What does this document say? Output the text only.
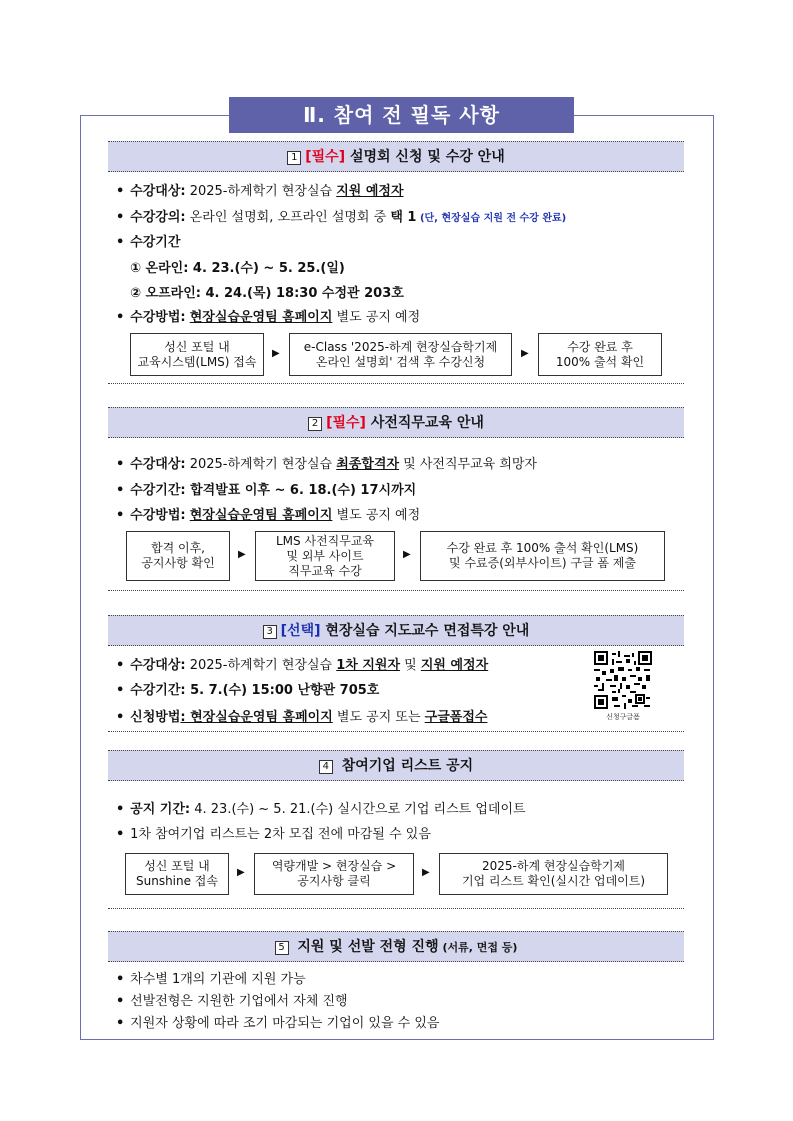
Ⅱ. 참여 전 필독 사항
1 [필수] 설명회 신청 및 수강 안내
• 수강대상: 2025-하계학기 현장실습 지원 예정자
• 수강강의: 온라인 설명회, 오프라인 설명회 중 택 1 (단, 현장실습 지원 전 수강 완료)
• 수강기간
① 온라인: 4. 23.(수) ~ 5. 25.(일)
② 오프라인: 4. 24.(목) 18:30 수정관 203호
• 수강방법: 현장실습운영팀 홈페이지 별도 공지 예정
성신 포털 내
교육시스템(LMS) 접속
▶ e-Class '2025-하계 현장실습학기제
온라인 설명회' 검색 후 수강신청
▶	수강 완료 후
100% 출석 확인
2 [필수] 사전직무교육 안내
• 수강대상: 2025-하계학기 현장실습 최종합격자 및 사전직무교육 희망자
• 수강기간: 합격발표 이후 ~ 6. 18.(수) 17시까지
• 수강방법: 현장실습운영팀 홈페이지 별도 공지 예정
합격 이후,
공지사항 확인
▶
LMS 사전직무교육
및 외부 사이트
직무교육 수강
▶	수강 완료 후 100% 출석 확인(LMS)
및 수료증(외부사이트) 구글 폼 제출
3 [선택] 현장실습 지도교수 면접특강 안내
• 수강대상: 2025-하계학기 현장실습 1차 지원자 및 지원 예정자
• 수강기간: 5. 7.(수) 15:00 난향관 705호
• 신청방법: 현장실습운영팀 홈페이지 별도 공지 또는 구글폼접수	신청구글폼
4 참여기업 리스트 공지
• 공지 기간: 4. 23.(수) ~ 5. 21.(수) 실시간으로 기업 리스트 업데이트
• 1차 참여기업 리스트는 2차 모집 전에 마감될 수 있음
성신 포털 내
Sunshine 접속
▶ 역량개발 > 현장실습 >
공지사항 클릭
▶	2025-하계 현장실습학기제
기업 리스트 확인(실시간 업데이트)
5 지원 및 선발 전형 진행 (서류, 면접 등)
• 차수별 1개의 기관에 지원 가능
• 선발전형은 지원한 기업에서 자체 진행
• 지원자 상황에 따라 조기 마감되는 기업이 있을 수 있음
